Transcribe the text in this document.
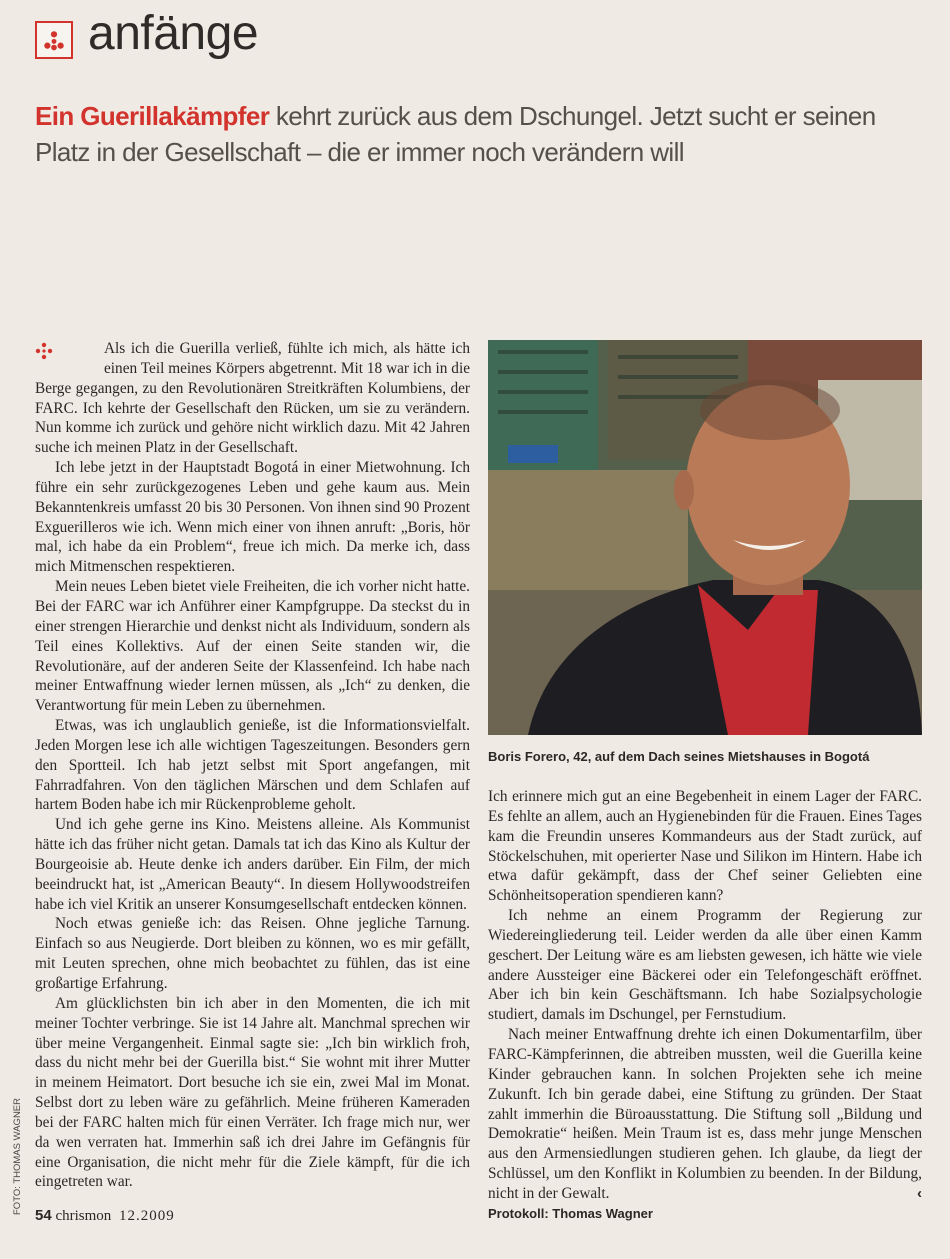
anfänge
Ein Guerillakämpfer kehrt zurück aus dem Dschungel. Jetzt sucht er seinen Platz in der Gesellschaft – die er immer noch verändern will

Als ich die Guerilla verließ, fühlte ich mich, als hätte ich einen Teil meines Körpers abgetrennt. Mit 18 war ich in die Berge gegangen, zu den Revolutionären Streitkräften Kolumbiens, der FARC. Ich kehrte der Gesellschaft den Rücken, um sie zu verändern. Nun komme ich zurück und gehöre nicht wirklich dazu. Mit 42 Jahren suche ich meinen Platz in der Gesellschaft.

Ich lebe jetzt in der Hauptstadt Bogotá in einer Mietwohnung. Ich führe ein sehr zurückgezogenes Leben und gehe kaum aus. Mein Bekanntenkreis umfasst 20 bis 30 Personen. Von ihnen sind 90 Prozent Exguerilleros wie ich. Wenn mich einer von ihnen anruft: „Boris, hör mal, ich habe da ein Problem“, freue ich mich. Da merke ich, dass mich Mitmenschen respektieren.

Mein neues Leben bietet viele Freiheiten, die ich vorher nicht hatte. Bei der FARC war ich Anführer einer Kampfgruppe. Da steckst du in einer strengen Hierarchie und denkst nicht als Individuum, sondern als Teil eines Kollektivs. Auf der einen Seite standen wir, die Revolutionäre, auf der anderen Seite der Klassenfeind. Ich habe nach meiner Entwaffnung wieder lernen müssen, als „Ich“ zu denken, die Verantwortung für mein Leben zu übernehmen.

Etwas, was ich unglaublich genieße, ist die Informationsvielfalt. Jeden Morgen lese ich alle wichtigen Tageszeitungen. Besonders gern den Sportteil. Ich hab jetzt selbst mit Sport angefangen, mit Fahrradfahren. Von den täglichen Märschen und dem Schlafen auf hartem Boden habe ich mir Rückenprobleme geholt.

Und ich gehe gerne ins Kino. Meistens alleine. Als Kommunist hätte ich das früher nicht getan. Damals tat ich das Kino als Kultur der Bourgeoisie ab. Heute denke ich anders darüber. Ein Film, der mich beeindruckt hat, ist „American Beauty“. In diesem Hollywoodstreifen habe ich viel Kritik an unserer Konsumgesellschaft entdecken können.

Noch etwas genieße ich: das Reisen. Ohne jegliche Tarnung. Einfach so aus Neugierde. Dort bleiben zu können, wo es mir gefällt, mit Leuten sprechen, ohne mich beobachtet zu fühlen, das ist eine großartige Erfahrung.

Am glücklichsten bin ich aber in den Momenten, die ich mit meiner Tochter verbringe. Sie ist 14 Jahre alt. Manchmal sprechen wir über meine Vergangenheit. Einmal sagte sie: „Ich bin wirklich froh, dass du nicht mehr bei der Guerilla bist.“ Sie wohnt mit ihrer Mutter in meinem Heimatort. Dort besuche ich sie ein, zwei Mal im Monat. Selbst dort zu leben wäre zu gefährlich. Meine früheren Kameraden bei der FARC halten mich für einen Verräter. Ich frage mich nur, wer da wen verraten hat. Immerhin saß ich drei Jahre im Gefängnis für eine Organisation, die nicht mehr für die Ziele kämpft, für die ich eingetreten war.

54 chrismon 12.2009
Boris Forero, 42, auf dem Dach seines Mietshauses in Bogotá

Ich erinnere mich gut an eine Begebenheit in einem Lager der FARC. Es fehlte an allem, auch an Hygienebinden für die Frauen. Eines Tages kam die Freundin unseres Kommandeurs aus der Stadt zurück, auf Stöckelschuhen, mit operierter Nase und Silikon im Hintern. Habe ich etwa dafür gekämpft, dass der Chef seiner Geliebten eine Schönheitsoperation spendieren kann?

Ich nehme an einem Programm der Regierung zur Wiedereingliederung teil. Leider werden da alle über einen Kamm geschert. Der Leitung wäre es am liebsten gewesen, ich hätte wie viele andere Aussteiger eine Bäckerei oder ein Telefongeschäft eröffnet. Aber ich bin kein Geschäftsmann. Ich habe Sozialpsychologie studiert, damals im Dschungel, per Fernstudium.

Nach meiner Entwaffnung drehte ich einen Dokumentarfilm, über FARC-Kämpferinnen, die abtreiben mussten, weil die Guerilla keine Kinder gebrauchen kann. In solchen Projekten sehe ich meine Zukunft. Ich bin gerade dabei, eine Stiftung zu gründen. Der Staat zahlt immerhin die Büroausstattung. Die Stiftung soll „Bildung und Demokratie“ heißen. Mein Traum ist es, dass mehr junge Menschen aus den Armensiedlungen studieren gehen. Ich glaube, da liegt der Schlüssel, um den Konflikt in Kolumbien zu beenden. In der Bildung, nicht in der Gewalt.	‹

Protokoll: Thomas Wagner
FOTO: THOMAS WAGNER
